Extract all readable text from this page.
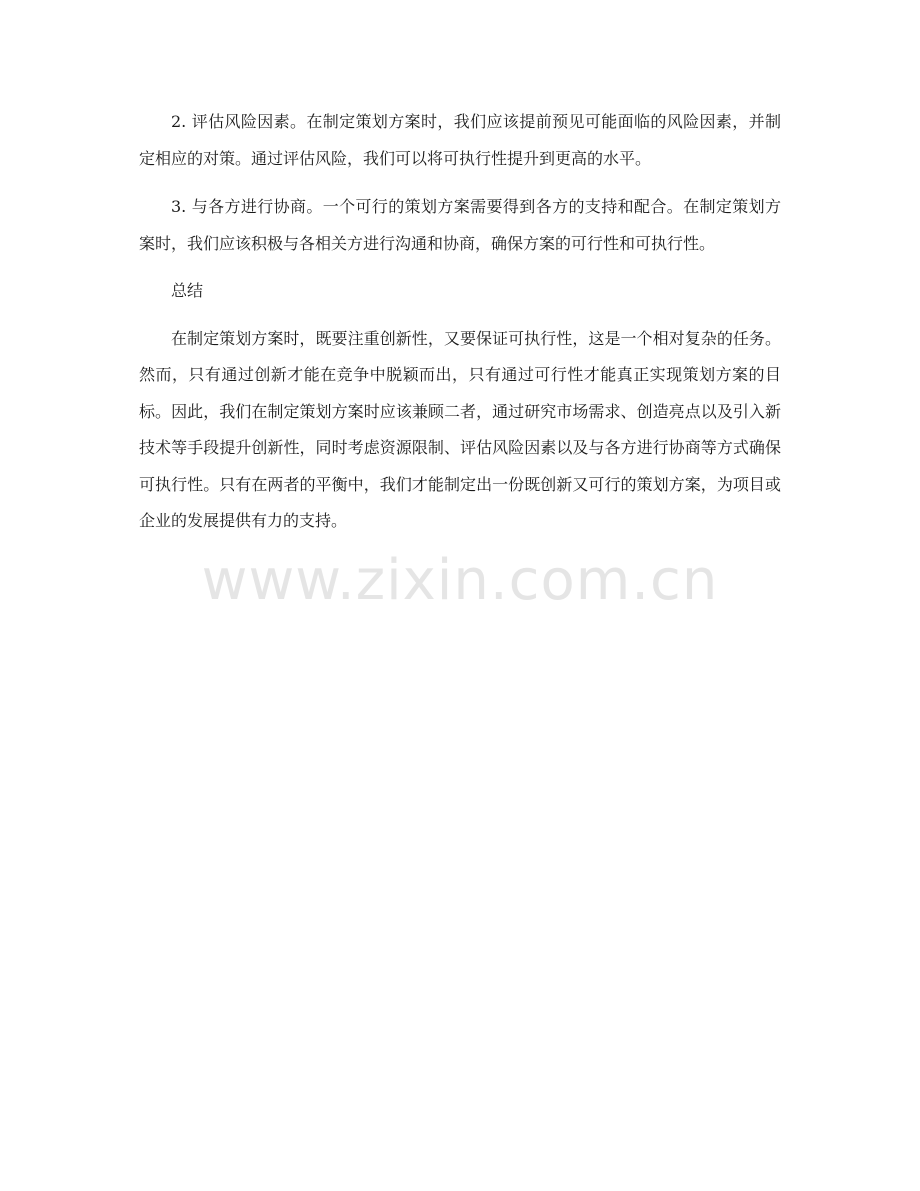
2. 评估风险因素。在制定策划方案时，我们应该提前预见可能面临的风险因素，并制定相应的对策。通过评估风险，我们可以将可执行性提升到更高的水平。

3. 与各方进行协商。一个可行的策划方案需要得到各方的支持和配合。在制定策划方案时，我们应该积极与各相关方进行沟通和协商，确保方案的可行性和可执行性。

总结

在制定策划方案时，既要注重创新性，又要保证可执行性，这是一个相对复杂的任务。然而，只有通过创新才能在竞争中脱颖而出，只有通过可行性才能真正实现策划方案的目标。因此，我们在制定策划方案时应该兼顾二者，通过研究市场需求、创造亮点以及引入新技术等手段提升创新性，同时考虑资源限制、评估风险因素以及与各方进行协商等方式确保可执行性。只有在两者的平衡中，我们才能制定出一份既创新又可行的策划方案，为项目或企业的发展提供有力的支持。

www.zixin.com.cn
